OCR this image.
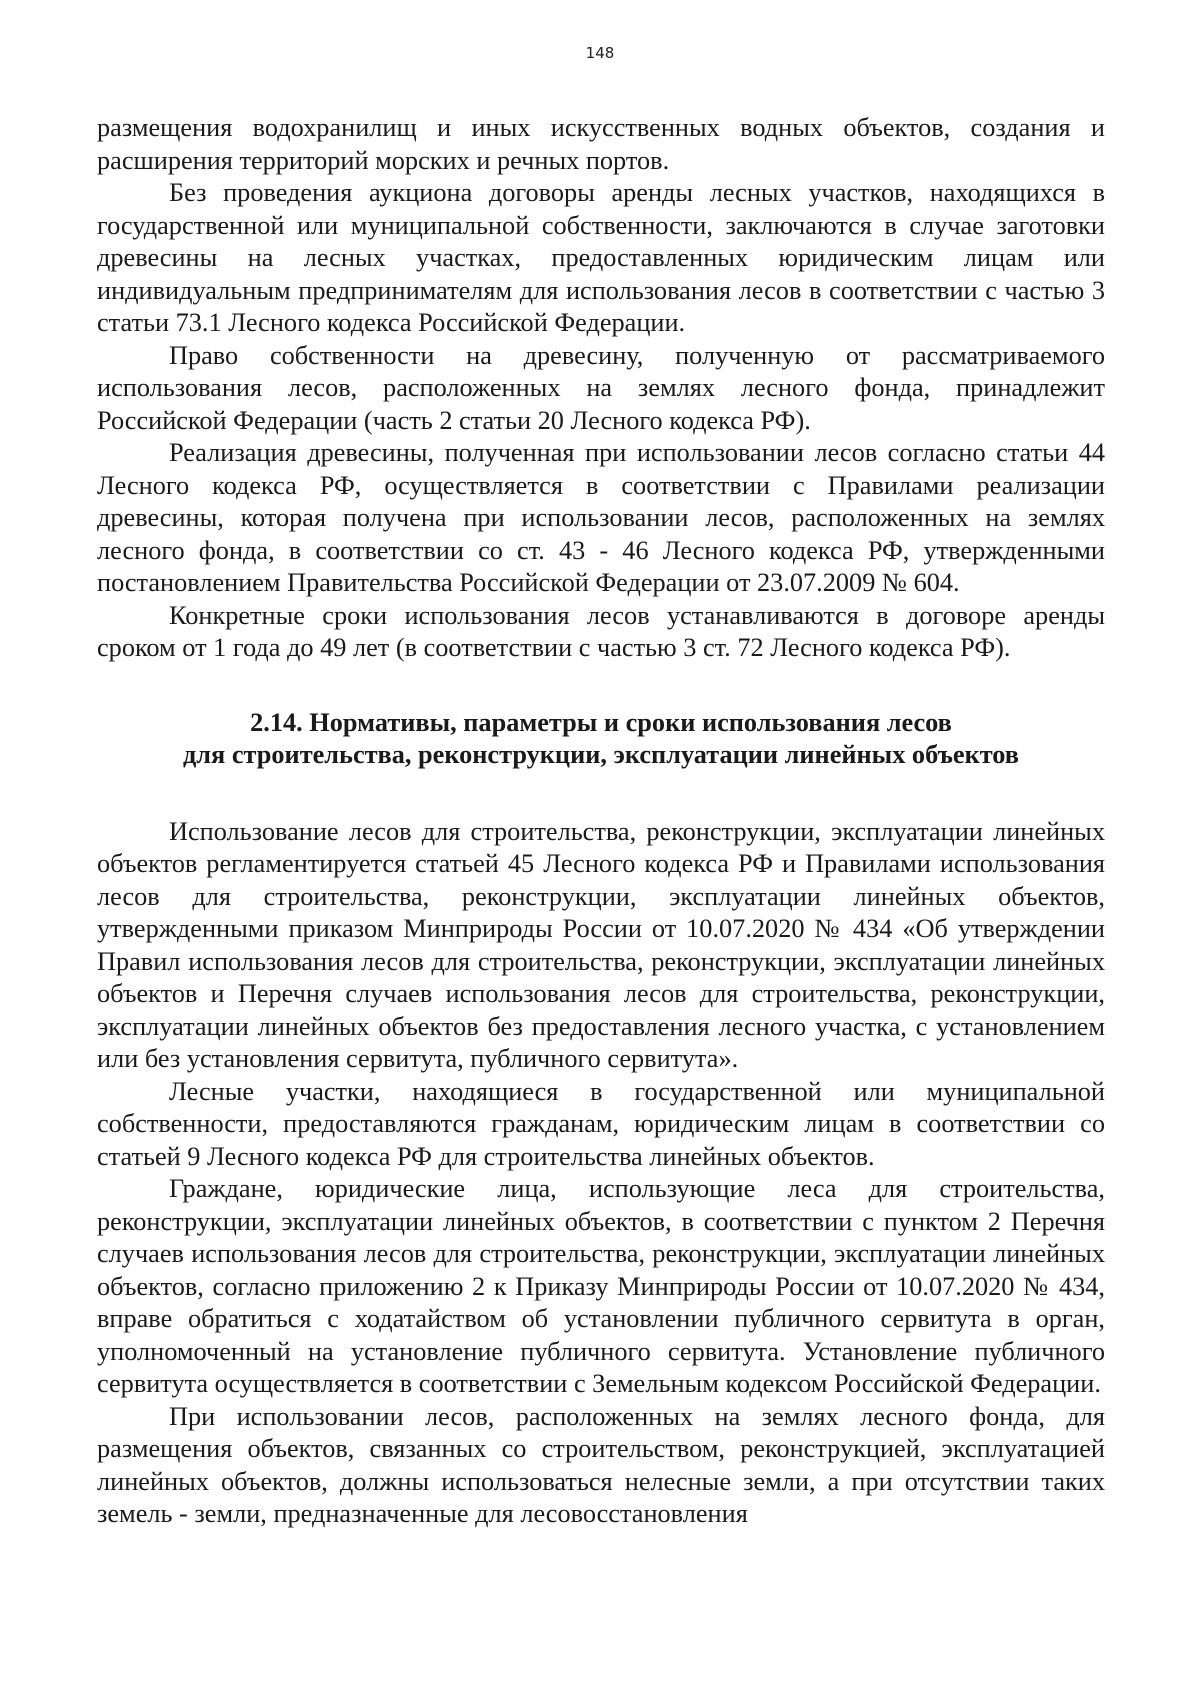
148

размещения водохранилищ и иных искусственных водных объектов, создания и расширения территорий морских и речных портов.

Без проведения аукциона договоры аренды лесных участков, находящихся в государственной или муниципальной собственности, заключаются в случае заготовки древесины на лесных участках, предоставленных юридическим лицам или индивидуальным предпринимателям для использования лесов в соответствии с частью 3 статьи 73.1 Лесного кодекса Российской Федерации.

Право собственности на древесину, полученную от рассматриваемого использования лесов, расположенных на землях лесного фонда, принадлежит Российской Федерации (часть 2 статьи 20 Лесного кодекса РФ).

Реализация древесины, полученная при использовании лесов согласно статьи 44 Лесного кодекса РФ, осуществляется в соответствии с Правилами реализации древесины, которая получена при использовании лесов, расположенных на землях лесного фонда, в соответствии со ст. 43 - 46 Лесного кодекса РФ, утвержденными постановлением Правительства Российской Федерации от 23.07.2009 № 604.

Конкретные сроки использования лесов устанавливаются в договоре аренды сроком от 1 года до 49 лет (в соответствии с частью 3 ст. 72 Лесного кодекса РФ).

2.14. Нормативы, параметры и сроки использования лесов
для строительства, реконструкции, эксплуатации линейных объектов

Использование лесов для строительства, реконструкции, эксплуатации линейных объектов регламентируется статьей 45 Лесного кодекса РФ и Правилами использования лесов для строительства, реконструкции, эксплуатации линейных объектов, утвержденными приказом Минприроды России от 10.07.2020 № 434 «Об утверждении Правил использования лесов для строительства, реконструкции, эксплуатации линейных объектов и Перечня случаев использования лесов для строительства, реконструкции, эксплуатации линейных объектов без предоставления лесного участка, с установлением или без установления сервитута, публичного сервитута».

Лесные участки, находящиеся в государственной или муниципальной собственности, предоставляются гражданам, юридическим лицам в соответствии со статьей 9 Лесного кодекса РФ для строительства линейных объектов.

Граждане, юридические лица, использующие леса для строительства, реконструкции, эксплуатации линейных объектов, в соответствии с пунктом 2 Перечня случаев использования лесов для строительства, реконструкции, эксплуатации линейных объектов, согласно приложению 2 к Приказу Минприроды России от 10.07.2020 № 434, вправе обратиться с ходатайством об установлении публичного сервитута в орган, уполномоченный на установление публичного сервитута. Установление публичного сервитута осуществляется в соответствии с Земельным кодексом Российской Федерации.

При использовании лесов, расположенных на землях лесного фонда, для размещения объектов, связанных со строительством, реконструкцией, эксплуатацией линейных объектов, должны использоваться нелесные земли, а при отсутствии таких земель - земли, предназначенные для лесовосстановления
